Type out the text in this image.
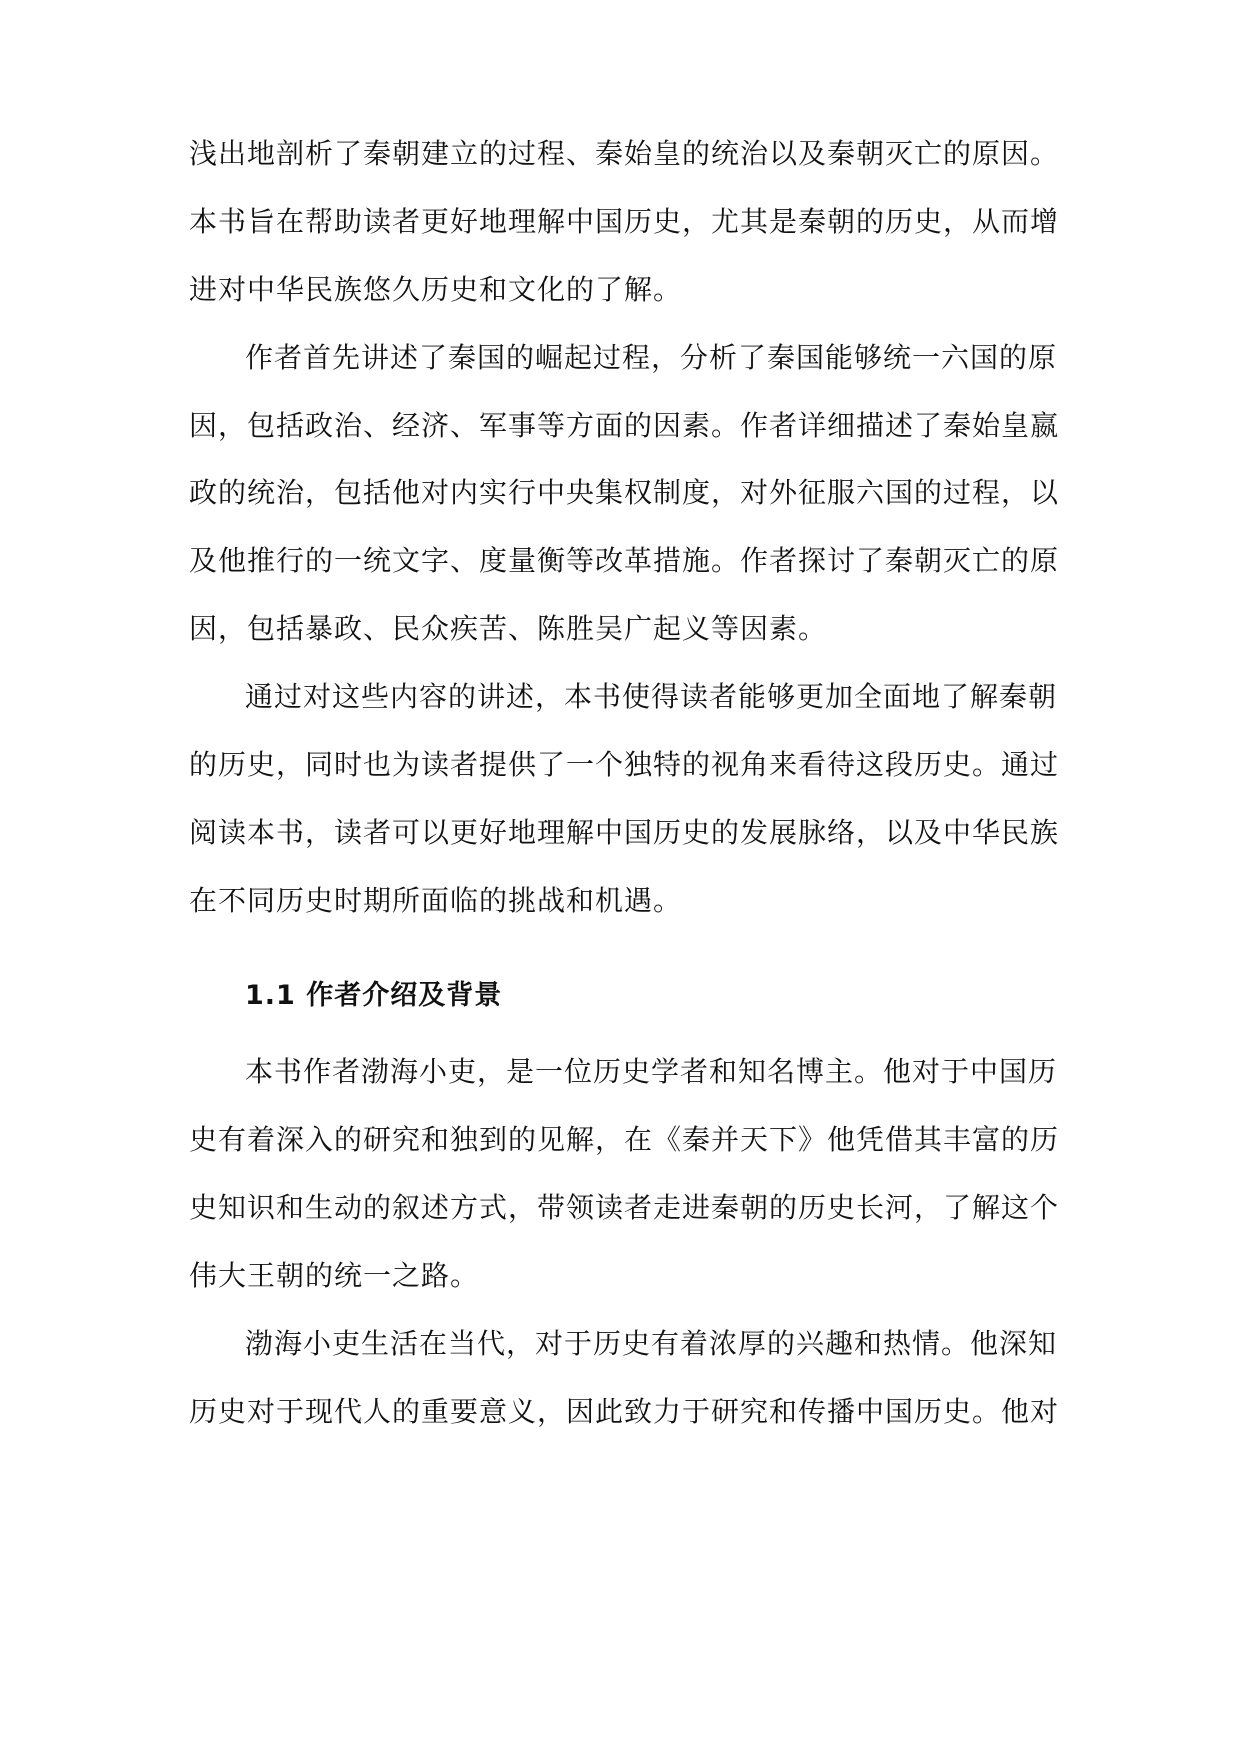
浅出地剖析了秦朝建立的过程、秦始皇的统治以及秦朝灭亡的原因。
本书旨在帮助读者更好地理解中国历史，尤其是秦朝的历史，从而增
进对中华民族悠久历史和文化的了解。
作者首先讲述了秦国的崛起过程，分析了秦国能够统一六国的原
因，包括政治、经济、军事等方面的因素。作者详细描述了秦始皇嬴
政的统治，包括他对内实行中央集权制度，对外征服六国的过程，以
及他推行的一统文字、度量衡等改革措施。作者探讨了秦朝灭亡的原
因，包括暴政、民众疾苦、陈胜吴广起义等因素。
通过对这些内容的讲述，本书使得读者能够更加全面地了解秦朝
的历史，同时也为读者提供了一个独特的视角来看待这段历史。通过
阅读本书，读者可以更好地理解中国历史的发展脉络，以及中华民族
在不同历史时期所面临的挑战和机遇。
1.1 作者介绍及背景
本书作者渤海小吏，是一位历史学者和知名博主。他对于中国历
史有着深入的研究和独到的见解，在《秦并天下》他凭借其丰富的历
史知识和生动的叙述方式，带领读者走进秦朝的历史长河，了解这个
伟大王朝的统一之路。
渤海小吏生活在当代，对于历史有着浓厚的兴趣和热情。他深知
历史对于现代人的重要意义，因此致力于研究和传播中国历史。他对
